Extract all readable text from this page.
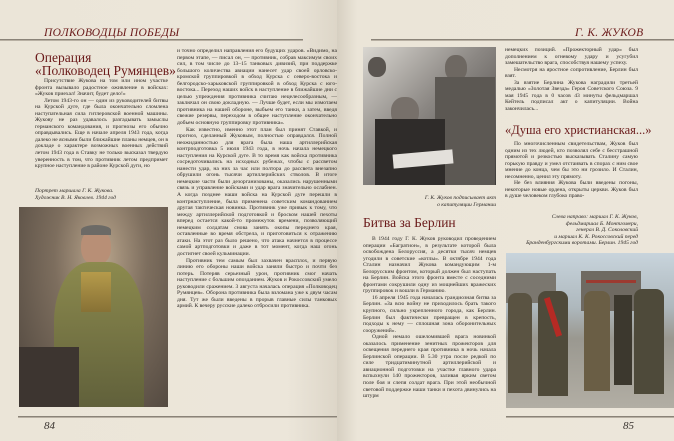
ПОЛКОВОДЦЫ ПОБЕДЫ
Операция
«Полководец Румянцев»

Присутствие Жукова на том или ином участке фронта вызывало радостное оживление в войсках: «Жуков приехал! Значит, будет дело!»

Летом 1943-го он — один из руководителей битвы на Курской дуге, где была окончательно сломлена наступательная сила гитлеровской военной машины. Жукову не раз удавалось разгадывать замыслы германского командования, и прогнозы его обычно оправдывались. Еще в начале апреля 1943 года, когда далеко не ясными были ближайшие планы немцев, он в докладе о характере возможных военных действий летом 1943 года в Ставку не только высказал твердую уверенность в том, что противник летом предпримет крупное наступление в районе Курской дуги, но

Портрет маршала Г. К. Жукова.
Художник В. Н. Яковлев. 1944 год

и точно определил направления его будущих ударов. «Видимо, на первом этапе, — писал он, — противник, собрав максимум своих сил, в том числе до 13–15 танковых дивизий, при поддержке большого количества авиации нанесет удар своей орловско-кромской группировкой в обход Курска с северо-востока и белгородско-харьковской группировкой в обход Курска с юго-востока... Переход наших войск в наступление в ближайшие дни с целью упреждения противника считаю нецелесообразным, — заключал он свою докладную. — Лучше будет, если мы измотаем противника на нашей обороне, выбьем его танки, а затем, введя свежие резервы, переходом в общее наступление окончательно добьем основную группировку противника».

Как известно, именно этот план был принят Ставкой, и прогноз, сделанный Жуковым, полностью оправдался. Полной неожиданностью для врага была наша артиллерийская контрподготовка 5 июля 1943 года, в ночь начала немецкого наступления на Курской дуге. В то время как войска противника сосредоточивались на исходных рубежах, чтобы с рассветом нанести удар, на них за час или полтора до рассвета внезапно обрушили огонь тысячи артиллерийских стволов. В итоге немецкие части были дезорганизованы, оказались нарушенными связь и управление войсками и удар врага значительно ослабнен. А когда позднее наши войска на Курской дуге перешли в контрнаступление, была применена советским командованием другая тактическая новинка. Противник уже привык к тому, что между артиллерийской подготовкой и броском нашей пехоты вперед остается какой-то промежуток времени, позволяющий немецким солдатам снова занять окопы переднего края, оставленные во время обстрела, и приготовиться к отражению атаки. На этот раз было решено, что атака начнется в процессе самой артподготовки и даже в тот момент, когда наш огонь достигнет своей кульминации.

Противник тем самым был захвачен врасплох, и первую линию его обороны наши войска заняли быстро и почти без потерь. Потеряв серьезный урон, противник смог начать наступление с большим опозданием. Жуков и Рокоссовский умело руководили сражением. 3 августа началась операция «Полководец Румянцев». Оборона противника была взломана уже к двум часам дня. Тут же были введены в прорыв главные силы танковых армий. К вечеру русские далеко отбросили противника.

84
Г. К. ЖУКОВ
Г. К. Жуков подписывает акт
о капитуляции Германии
Битва за Берлин

В 1944 году Г. К. Жуков руководил проведением операции «Багратион», в результате которой была освобождена Белоруссия, а десятки тысяч немцев угодили в советские «котлы». В октябре 1944 года Сталин назначил Жукова командующим 1-м Белорусским фронтом, который должен был наступать на Берлин. Войска этого фронта вместе с соседними фронтами сокрушили одну из мощнейших вражеских группировок и вошли в Германию.

16 апреля 1945 года началась грандиозная битва за Берлин. «За всю войну не приходилось брать такого крупного, сильно укрепленного города, как Берлин. Берлин был фактически превращен в крепость, подходы к нему — сплошная зона оборонительных сооружений».

Одной немало ошеломившей врага новинкой оказалось применение зенитных прожекторов для освещения переднего края противника в ночь начала Берлинской операции. В 5.30 утра после редкой по силе тридцатиминутной артиллерийской и авиационной подготовки на участке главного удара вспыхнули 140 прожекторов, заливая ярким светом поле боя и слепя солдат врага. При этой необычной световой поддержке наши танки и пехота двинулись на штурм

немецких позиций. «Прожекторный удар» был дополнением к огневому удару и усугубил замешательство врага, способствуя нашему успеху.

Несмотря на яростное сопротивление, Берлин был взят.

За взятие Берлина Жукова наградили третьей медалью «Золотая Звезда» Героя Советского Союза. 9 мая 1945 года в 0 часов 43 минуты фельдмаршал Кейтель подписал акт о капитуляции. Война закончилась...

«Душа его христианская...»

По многочисленным свидетельствам, Жуков был одним из тех людей, кто позволял себе с бесстрашной прямотой и резкостью высказывать Сталину самую горькую правду и умел отстаивать в спорах с ним свое мнение до конца, чем бы это ни грозило. И Сталин, несомненно, ценил эту прямоту.

Не без влияния Жукова были введены погоны, некоторые новые ордена, открыты церкви. Жуков был в душе человеком глубоко право-

Слева направо: маршал Г. К. Жуков,
фельдмаршал Б. Монтгомери,
генерал В. Д. Соколовский
и маршал К. К. Рокоссовский перед
Бранденбургскими воротами. Берлин. 1945 год
85
